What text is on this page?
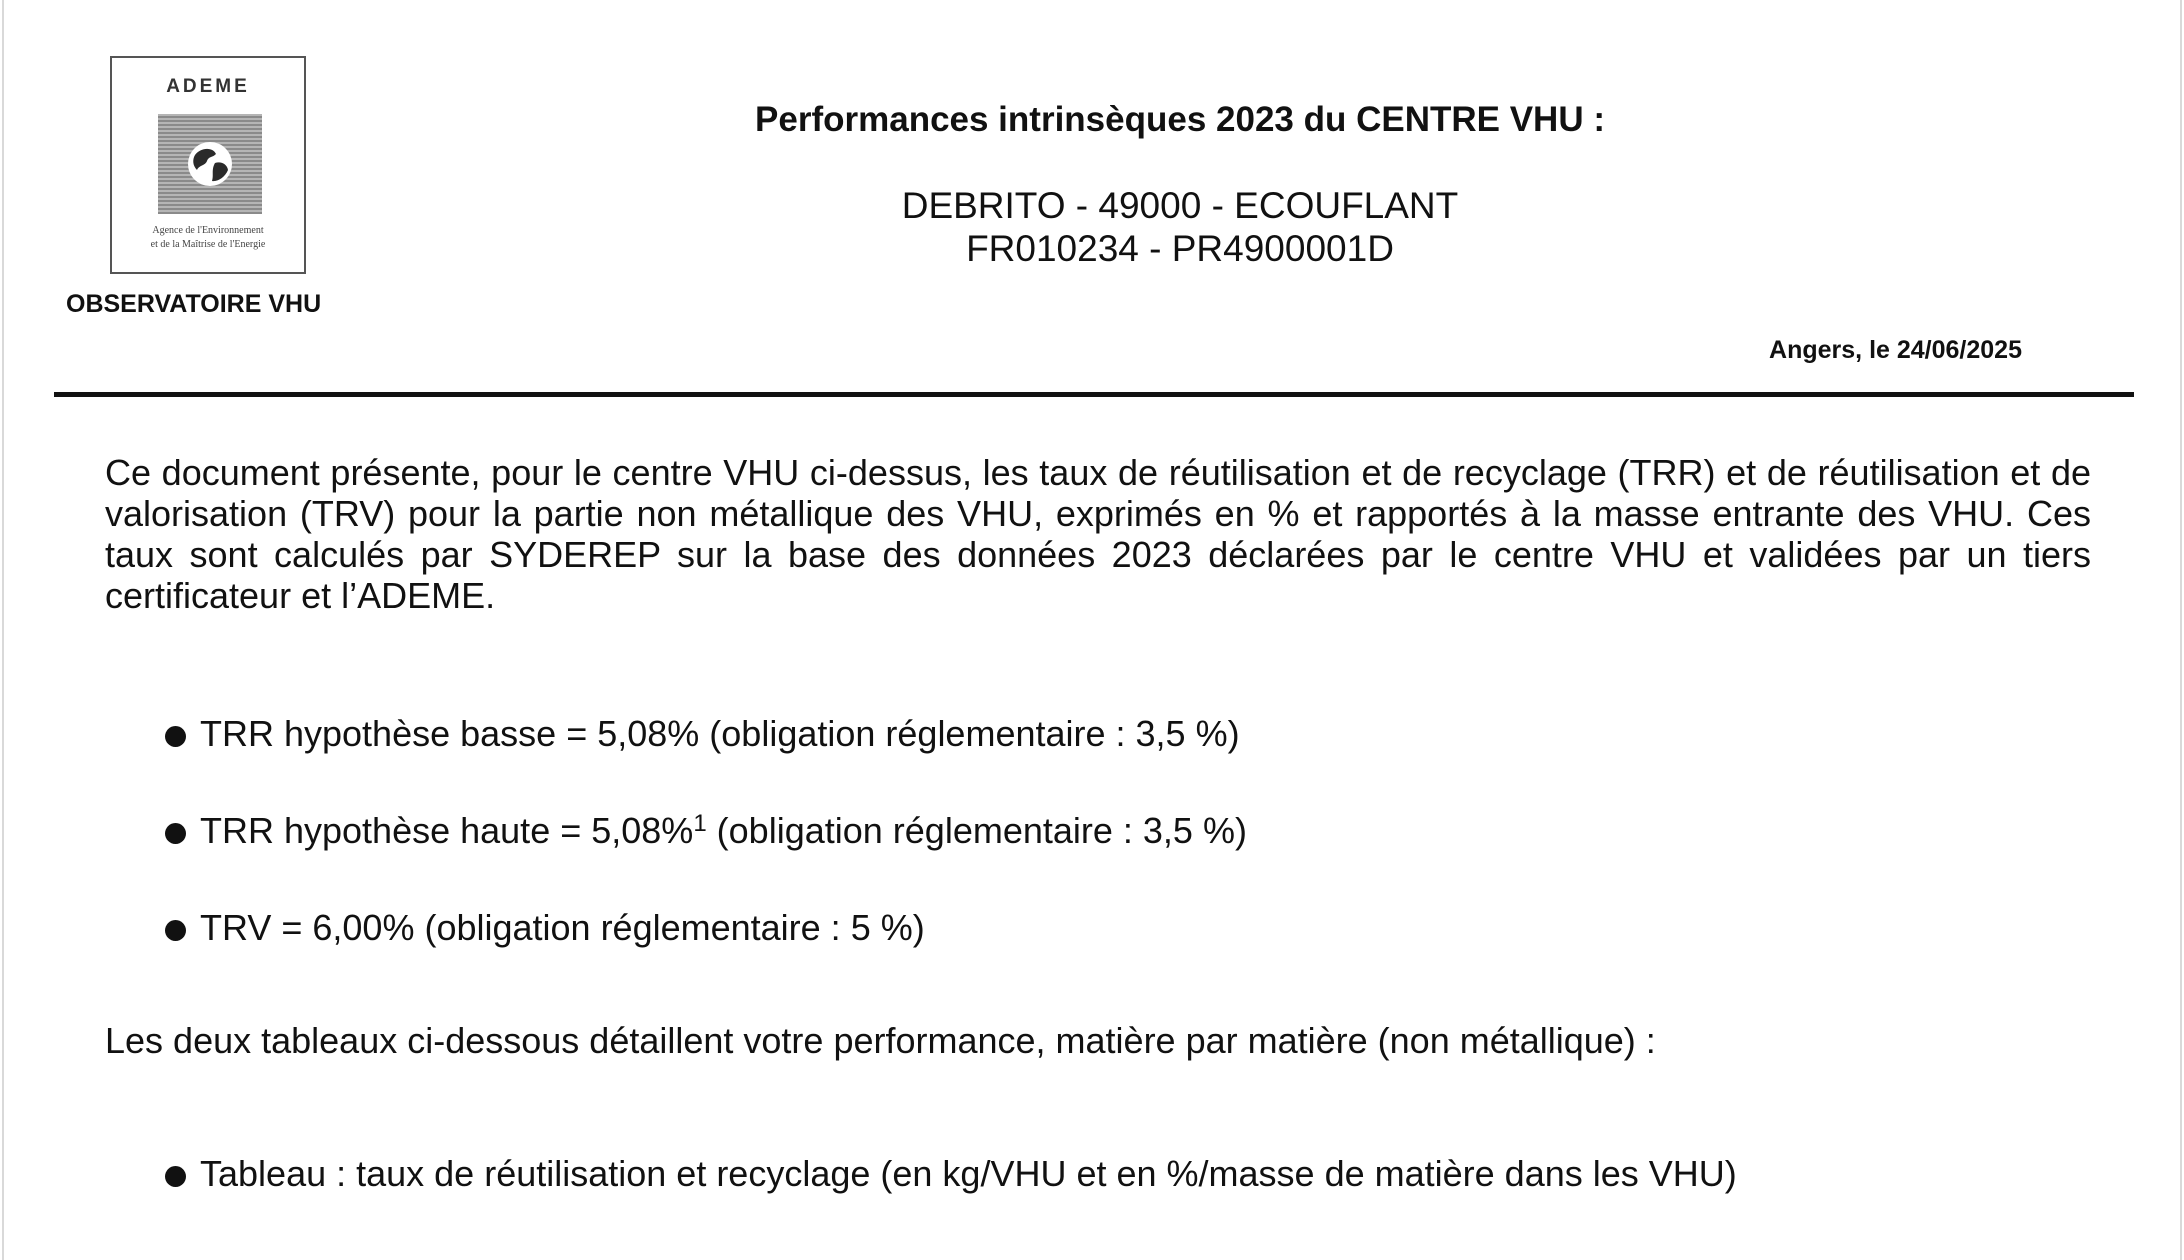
ADEME
Agence de l'Environnement
et de la Maîtrise de l'Energie
OBSERVATOIRE VHU
Performances intrinsèques 2023 du CENTRE VHU :
DEBRITO - 49000 - ECOUFLANT
FR010234 - PR4900001D
Angers, le 24/06/2025

Ce document présente, pour le centre VHU ci-dessus, les taux de réutilisation et de recyclage (TRR) et de réutilisation et de valorisation (TRV) pour la partie non métallique des VHU, exprimés en % et rapportés à la masse entrante des VHU. Ces taux sont calculés par SYDEREP sur la base des données 2023 déclarées par le centre VHU et validées par un tiers certificateur et l’ADEME.

TRR hypothèse basse = 5,08% (obligation réglementaire : 3,5 %)
TRR hypothèse haute = 5,08%$^1$ (obligation réglementaire : 3,5 %)
TRV = 6,00% (obligation réglementaire : 5 %)

Les deux tableaux ci-dessous détaillent votre performance, matière par matière (non métallique) :

Tableau : taux de réutilisation et recyclage (en kg/VHU et en %/masse de matière dans les VHU)
